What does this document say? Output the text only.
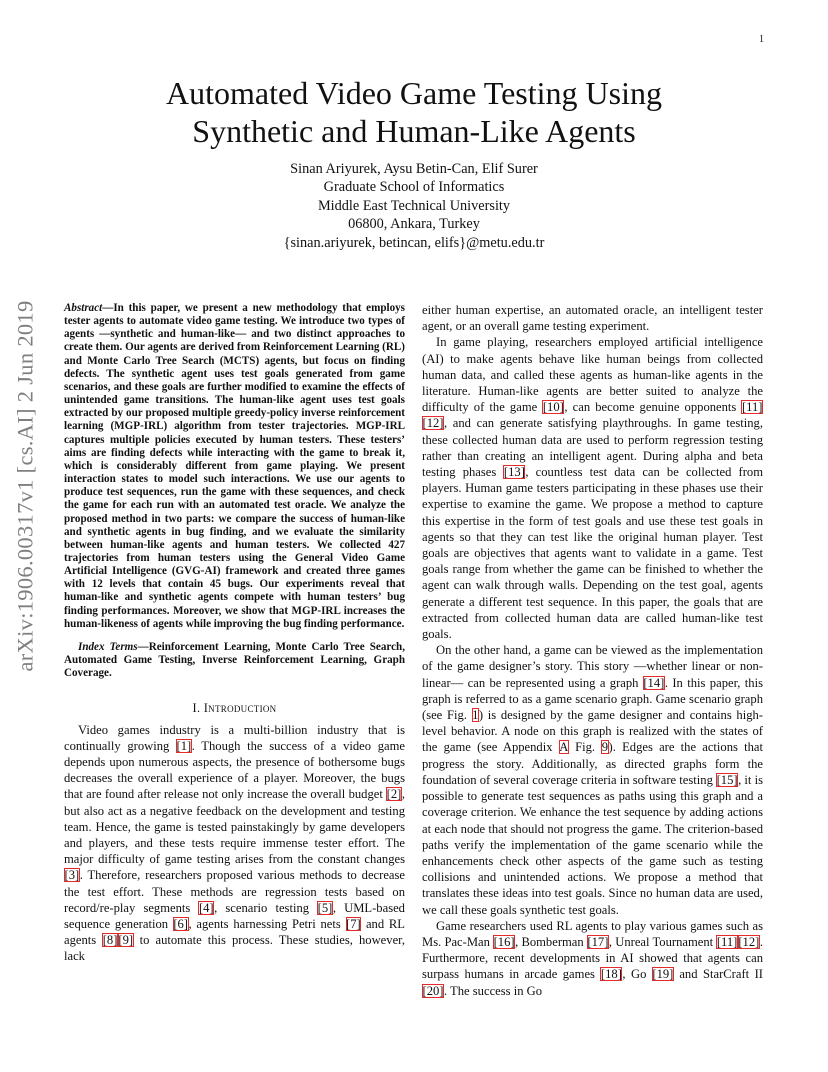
1
arXiv:1906.00317v1 [cs.AI] 2 Jun 2019
Automated Video Game Testing Using
Synthetic and Human-Like Agents
Sinan Ariyurek, Aysu Betin-Can, Elif Surer
Graduate School of Informatics
Middle East Technical University
06800, Ankara, Turkey
{sinan.ariyurek, betincan, elifs}@metu.edu.tr
Abstract—In this paper, we present a new methodology that employs tester agents to automate video game testing. We introduce two types of agents —synthetic and human-like— and two distinct approaches to create them. Our agents are derived from Reinforcement Learning (RL) and Monte Carlo Tree Search (MCTS) agents, but focus on finding defects. The synthetic agent uses test goals generated from game scenarios, and these goals are further modified to examine the effects of unintended game transitions. The human-like agent uses test goals extracted by our proposed multiple greedy-policy inverse reinforcement learning (MGP-IRL) algorithm from tester trajectories. MGP-IRL captures multiple policies executed by human testers. These testers’ aims are finding defects while interacting with the game to break it, which is considerably different from game playing. We present interaction states to model such interactions. We use our agents to produce test sequences, run the game with these sequences, and check the game for each run with an automated test oracle. We analyze the proposed method in two parts: we compare the success of human-like and synthetic agents in bug finding, and we evaluate the similarity between human-like agents and human testers. We collected 427 trajectories from human testers using the General Video Game Artificial Intelligence (GVG-AI) framework and created three games with 12 levels that contain 45 bugs. Our experiments reveal that human-like and synthetic agents compete with human testers’ bug finding performances. Moreover, we show that MGP-IRL increases the human-likeness of agents while improving the bug finding performance.
Index Terms—Reinforcement Learning, Monte Carlo Tree Search, Automated Game Testing, Inverse Reinforcement Learning, Graph Coverage.
I. Introduction

Video games industry is a multi-billion industry that is continually growing [1]. Though the success of a video game depends upon numerous aspects, the presence of bothersome bugs decreases the overall experience of a player. Moreover, the bugs that are found after release not only increase the overall budget [2], but also act as a negative feedback on the development and testing team. Hence, the game is tested painstakingly by game developers and players, and these tests require immense tester effort. The major difficulty of game testing arises from the constant changes [3]. Therefore, researchers proposed various methods to decrease the test effort. These methods are regression tests based on record/re-play segments [4], scenario testing [5], UML-based sequence generation [6], agents harnessing Petri nets [7] and RL agents [8][9] to automate this process. These studies, however, lack

either human expertise, an automated oracle, an intelligent tester agent, or an overall game testing experiment.

In game playing, researchers employed artificial intelligence (AI) to make agents behave like human beings from collected human data, and called these agents as human-like agents in the literature. Human-like agents are better suited to analyze the difficulty of the game [10], can become genuine opponents [11][12], and can generate satisfying playthroughs. In game testing, these collected human data are used to perform regression testing rather than creating an intelligent agent. During alpha and beta testing phases [13], countless test data can be collected from players. Human game testers participating in these phases use their expertise to examine the game. We propose a method to capture this expertise in the form of test goals and use these test goals in agents so that they can test like the original human player. Test goals are objectives that agents want to validate in a game. Test goals range from whether the game can be finished to whether the agent can walk through walls. Depending on the test goal, agents generate a different test sequence. In this paper, the goals that are extracted from collected human data are called human-like test goals.

On the other hand, a game can be viewed as the implementation of the game designer’s story. This story —whether linear or non-linear— can be represented using a graph [14]. In this paper, this graph is referred to as a game scenario graph. Game scenario graph (see Fig. 1) is designed by the game designer and contains high-level behavior. A node on this graph is realized with the states of the game (see Appendix A Fig. 9). Edges are the actions that progress the story. Additionally, as directed graphs form the foundation of several coverage criteria in software testing [15], it is possible to generate test sequences as paths using this graph and a coverage criterion. We enhance the test sequence by adding actions at each node that should not progress the game. The criterion-based paths verify the implementation of the game scenario while the enhancements check other aspects of the game such as testing collisions and unintended actions. We propose a method that translates these ideas into test goals. Since no human data are used, we call these goals synthetic test goals.

Game researchers used RL agents to play various games such as Ms. Pac-Man [16], Bomberman [17], Unreal Tournament [11][12]. Furthermore, recent developments in AI showed that agents can surpass humans in arcade games [18], Go [19] and StarCraft II [20]. The success in Go
